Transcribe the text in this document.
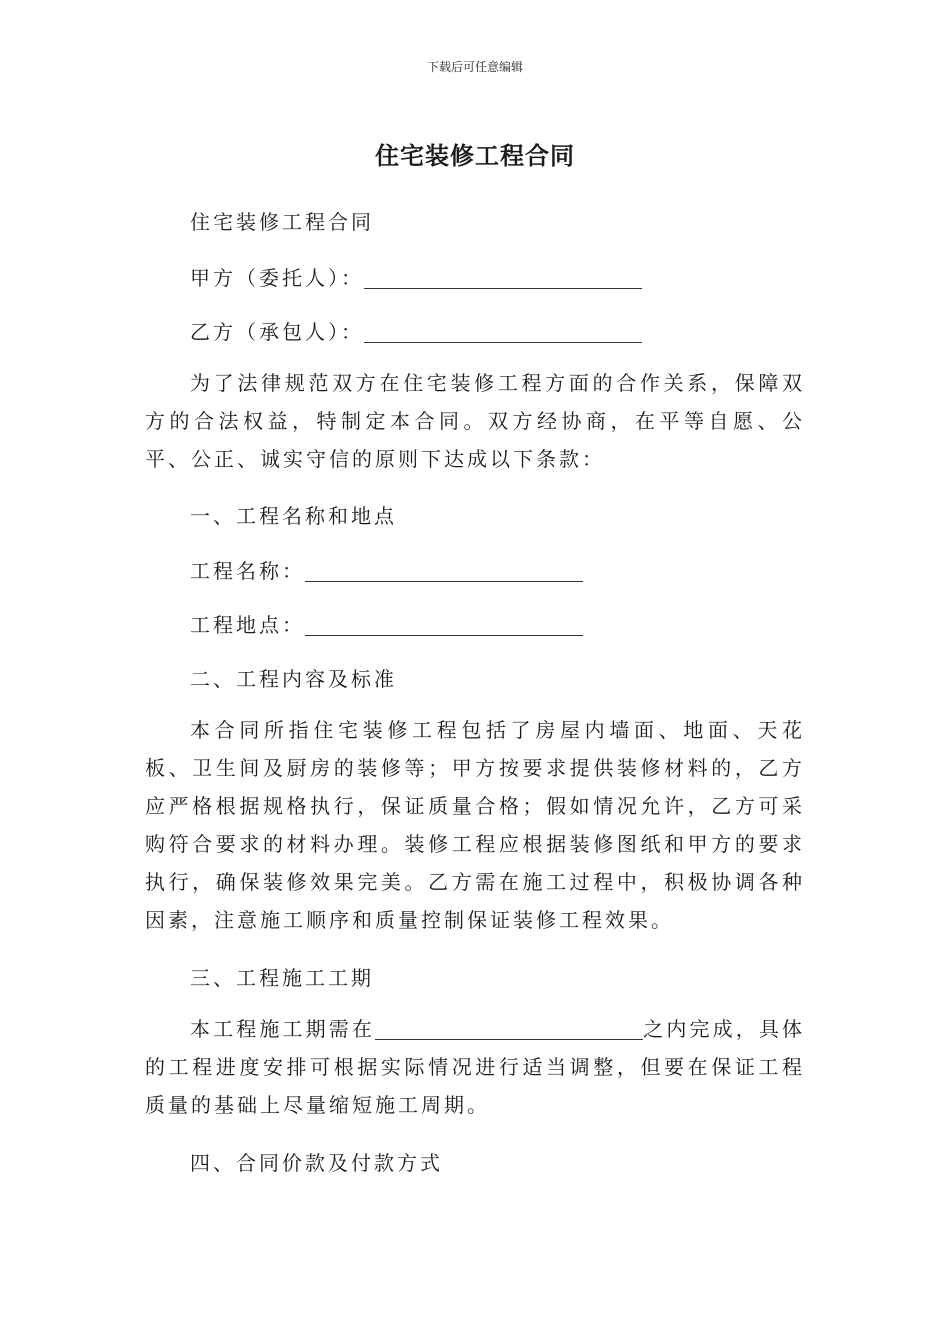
下载后可任意编辑
住宅装修工程合同
住宅装修工程合同
甲方（委托人）：
乙方（承包人）：
为了法律规范双方在住宅装修工程方面的合作关系，保障双方的合法权益，特制定本合同。双方经协商，在平等自愿、公平、公正、诚实守信的原则下达成以下条款：
一、工程名称和地点
工程名称：
工程地点：
二、工程内容及标准
本合同所指住宅装修工程包括了房屋内墙面、地面、天花板、卫生间及厨房的装修等；甲方按要求提供装修材料的，乙方应严格根据规格执行，保证质量合格；假如情况允许，乙方可采购符合要求的材料办理。装修工程应根据装修图纸和甲方的要求执行，确保装修效果完美。乙方需在施工过程中，积极协调各种因素，注意施工顺序和质量控制保证装修工程效果。
三、工程施工工期
本工程施工期需在	之内完成，具体的工程进度安排可根据实际情况进行适当调整，但要在保证工程质量的基础上尽量缩短施工周期。
四、合同价款及付款方式
